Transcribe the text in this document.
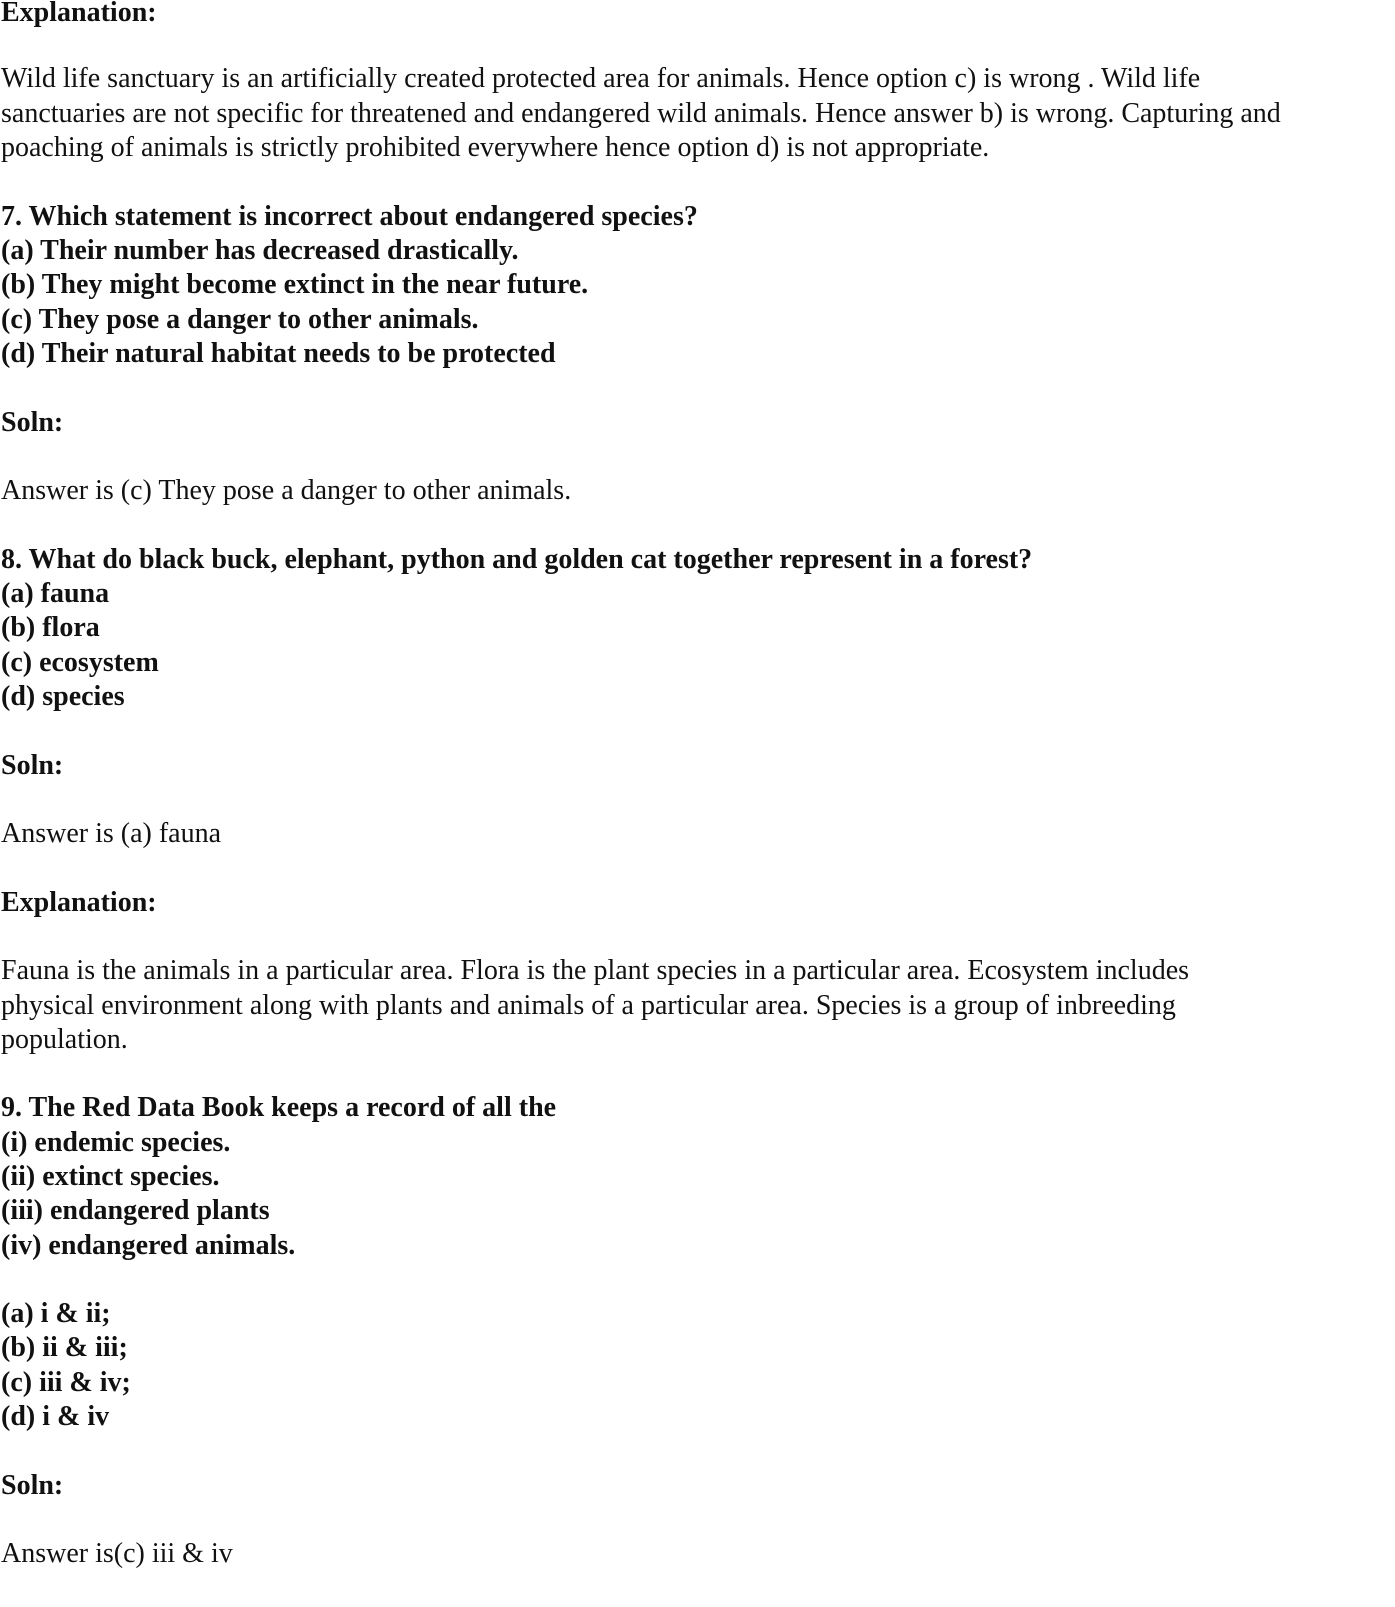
Explanation:

Wild life sanctuary is an artificially created protected area for animals. Hence option c) is wrong . Wild life

sanctuaries are not specific for threatened and endangered wild animals. Hence answer b) is wrong. Capturing and

poaching of animals is strictly prohibited everywhere hence option d) is not appropriate.

7. Which statement is incorrect about endangered species?

(a) Their number has decreased drastically.

(b) They might become extinct in the near future.

(c) They pose a danger to other animals.

(d) Their natural habitat needs to be protected

Soln:

Answer is (c) They pose a danger to other animals.

8. What do black buck, elephant, python and golden cat together represent in a forest?

(a) fauna

(b) flora

(c) ecosystem

(d) species

Soln:

Answer is (a) fauna

Explanation:

Fauna is the animals in a particular area. Flora is the plant species in a particular area. Ecosystem includes

physical environment along with plants and animals of a particular area. Species is a group of inbreeding

population.

9. The Red Data Book keeps a record of all the

(i) endemic species.

(ii) extinct species.

(iii) endangered plants

(iv) endangered animals.

(a) i & ii;

(b) ii & iii;

(c) iii & iv;

(d) i & iv

Soln:

Answer is(c) iii & iv
